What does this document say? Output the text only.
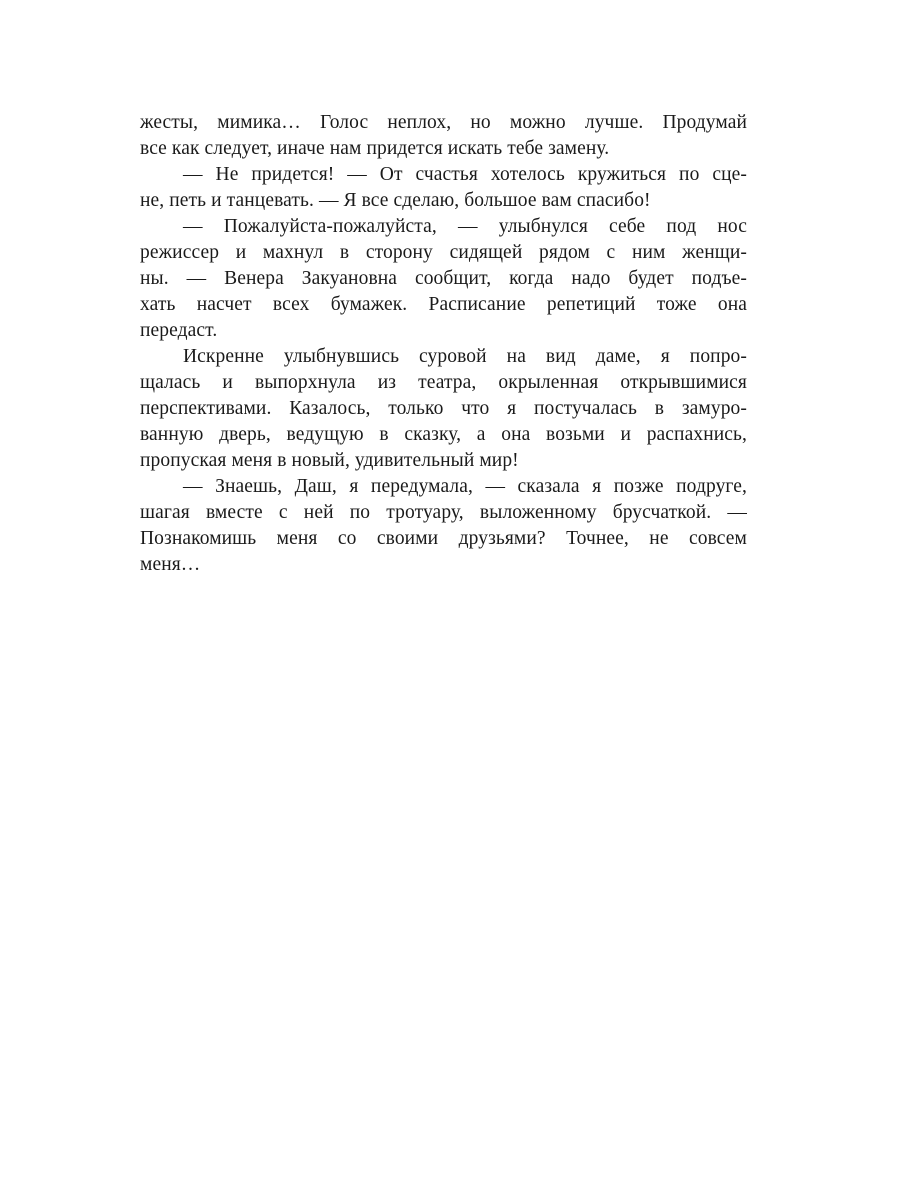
жесты, мимика… Голос неплох, но можно лучше. Продумай
все как следует, иначе нам придется искать тебе замену.

— Не придется! — От счастья хотелось кружиться по сце-
не, петь и танцевать. — Я все сделаю, большое вам спасибо!

— Пожалуйста-пожалуйста, — улыбнулся себе под нос
режиссер и махнул в сторону сидящей рядом с ним женщи-
ны. — Венера Закуановна сообщит, когда надо будет подъе-
хать насчет всех бумажек. Расписание репетиций тоже она
передаст.

Искренне улыбнувшись суровой на вид даме, я попро-
щалась и выпорхнула из театра, окрыленная открывшимися
перспективами. Казалось, только что я постучалась в замуро-
ванную дверь, ведущую в сказку, а она возьми и распахнись,
пропуская меня в новый, удивительный мир!

— Знаешь, Даш, я передумала, — сказала я позже подруге,
шагая вместе с ней по тротуару, выложенному брусчаткой. —
Познакомишь меня со своими друзьями? Точнее, не совсем
меня…
